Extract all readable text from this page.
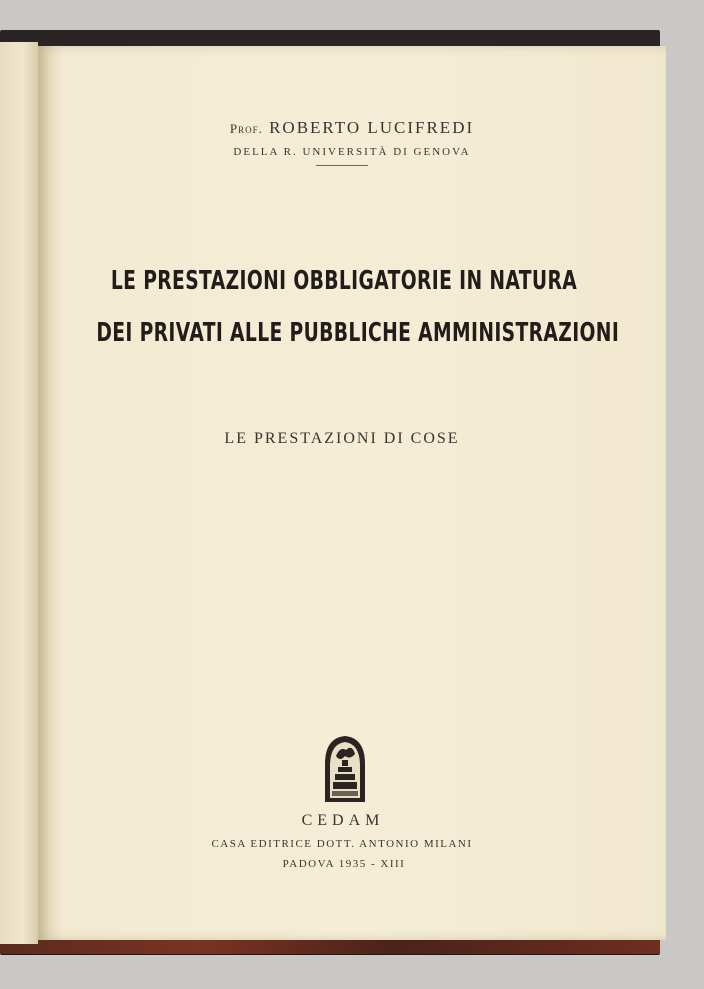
Prof. ROBERTO LUCIFREDI
DELLA R. UNIVERSITÀ DI GENOVA
LE PRESTAZIONI OBBLIGATORIE IN NATURA
DEI PRIVATI ALLE PUBBLICHE AMMINISTRAZIONI
LE PRESTAZIONI DI COSE
CEDAM
CASA EDITRICE DOTT. ANTONIO MILANI
PADOVA 1935 - XIII
